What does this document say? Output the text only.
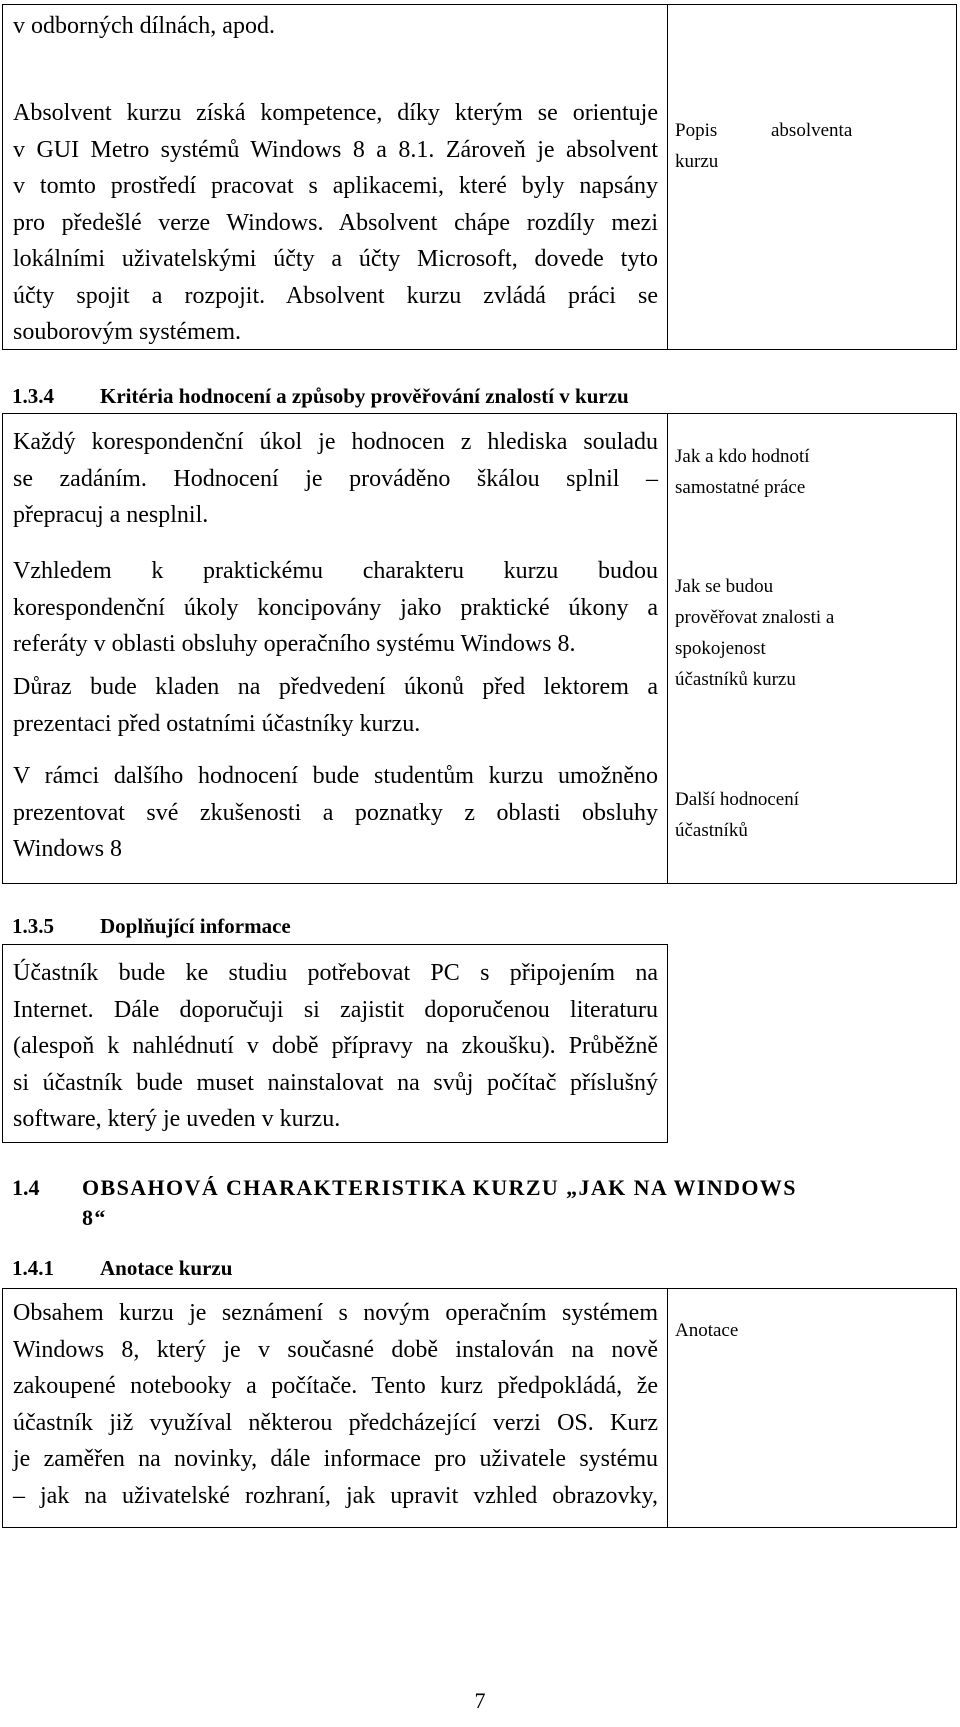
v odborných dílnách, apod.

Absolvent kurzu získá kompetence, díky kterým se orientuje
v GUI Metro systémů Windows 8 a 8.1. Zároveň je absolvent
v tomto prostředí pracovat s aplikacemi, které byly napsány
pro předešlé verze Windows. Absolvent chápe rozdíly mezi
lokálními uživatelskými účty a účty Microsoft, dovede tyto
účty spojit a rozpojit. Absolvent kurzu zvládá práci se
souborovým systémem.

Popis	absolventa
kurzu
1.3.4 Kritéria hodnocení a způsoby prověřování znalostí v kurzu

Každý korespondenční úkol je hodnocen z hlediska souladu
se zadáním. Hodnocení je prováděno škálou splnil –
přepracuj a nesplnil.

Vzhledem k praktickému charakteru kurzu budou
korespondenční úkoly koncipovány jako praktické úkony a
referáty v oblasti obsluhy operačního systému Windows 8.

Důraz bude kladen na předvedení úkonů před lektorem a
prezentaci před ostatními účastníky kurzu.

V rámci dalšího hodnocení bude studentům kurzu umožněno
prezentovat své zkušenosti a poznatky z oblasti obsluhy
Windows 8

Jak a kdo hodnotí
samostatné práce

Jak se budou
prověřovat znalosti a
spokojenost
účastníků kurzu

Další hodnocení
účastníků

1.3.5 Doplňující informace

Účastník bude ke studiu potřebovat PC s připojením na
Internet. Dále doporučuji si zajistit doporučenou literaturu
(alespoň k nahlédnutí v době přípravy na zkoušku). Průběžně
si účastník bude muset nainstalovat na svůj počítač příslušný
software, který je uveden v kurzu.

1.4 OBSAHOVÁ CHARAKTERISTIKA KURZU „JAK NA WINDOWS
8“
1.4.1 Anotace kurzu

Obsahem kurzu je seznámení s novým operačním systémem
Windows 8, který je v současné době instalován na nově
zakoupené notebooky a počítače. Tento kurz předpokládá, že
účastník již využíval některou předcházející verzi OS. Kurz
je zaměřen na novinky, dále informace pro uživatele systému
– jak na uživatelské rozhraní, jak upravit vzhled obrazovky,

Anotace
7
